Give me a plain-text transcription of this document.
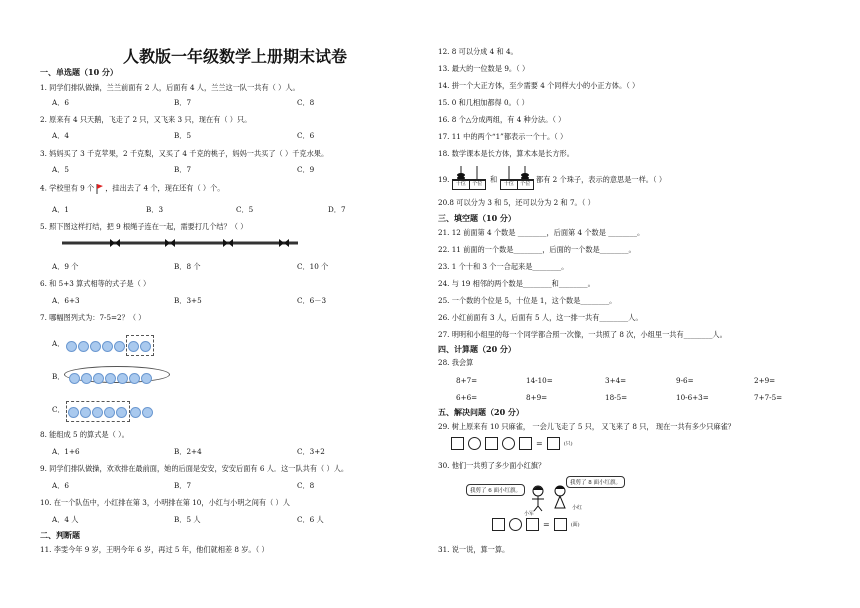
人教版一年级数学上册期末试卷
一、单选题（10 分）
1. 同学们排队做操，兰兰前面有 2 人，后面有 4 人，兰兰这一队一共有（ ）人。
A．6	B．7	C．8
2. 原来有 4 只天鹅，飞走了 2 只，又飞来 3 只，现在有（ ）只。
A．4	B．5	C．6
3. 妈妈买了 3 千克苹果，2 千克梨，又买了 4 千克的桃子，妈妈一共买了（ ）千克水果。
A．5	B．7	C．9
4. 学校里有 9 个 ，挂出去了 4 个，现在还有（ ）个。
A．1	B．3	C．5	D．7
5. 照下图这样打结，把 9 根绳子连在一起，需要打几个结？（ ）
A．9 个	B．8 个	C．10 个
6. 和 5+3 算式相等的式子是（ ）
A．6+3	B．3+5	C．6－3
7. 哪幅图列式为：7-5=2？（ ）
A．
B．
C．
8. 能组成 5 的算式是（ ）。
A．1+6	B．2+4	C．3+2
9. 同学们排队做操，欢欢排在最前面，她的后面是安安，安安后面有 6 人．这一队共有（ ）人。
A．6	B．7	C．8
10. 在一个队伍中，小红排在第 3，小明排在第 10，小红与小明之间有（ ）人
A．4 人	B．5 人	C．6 人
二、判断题
11. 李雯今年 9 岁，王明今年 6 岁，再过 5 年，他们就相差 8 岁。（ ）
12. 8 可以分成 4 和 4。
13. 最大的一位数是 9。（ ）
14. 拼一个大正方体，至少需要 4 个同样大小的小正方体。（ ）
15. 0 和几相加都得 0。（ ）
16. 8 个△分成两组，有 4 种分法。（ ）
17. 11 中的两个“1”都表示一个十。（ ）
18. 数学课本是长方体，算术本是长方形。
19.	十位	个位	和	十位	个位 都有 2 个珠子，表示的意思是一样。（ ）
20.8 可以分为 3 和 5，还可以分为 2 和 7。（ ）
三、填空题（10 分）
21. 12 前面第 4 个数是 ________，后面第 4 个数是 ________。
22. 11 前面的一个数是________，后面的一个数是________。
23. 1 个十和 3 个一合起来是________。
24. 与 19 相邻的两个数是________和________。
25. 一个数的个位是 5，十位是 1，这个数是________。
26. 小红前面有 3 人，后面有 5 人，这一排一共有________人。
27. 明明和小组里的每一个同学都合照一次像，一共照了 8 次，小组里一共有________人。
四、计算题（20 分）
28. 我会算
8+7=	14-10=	3+4=	9-6=	2+9=
6+6=	8+9=	18-5=	10-6+3=	7+7-5=
五、解决问题（20 分）
29. 树上原来有 10 只麻雀， 一会儿飞走了 5 只， 又飞来了 8 只， 现在一共有多少只麻雀？
=	(只)
30. 他们一共剪了多少面小红旗？
我剪了 6 面小红旗。
我剪了 8 面小红旗。
小军
小红
=	(面)
31. 说一说，算一算。
